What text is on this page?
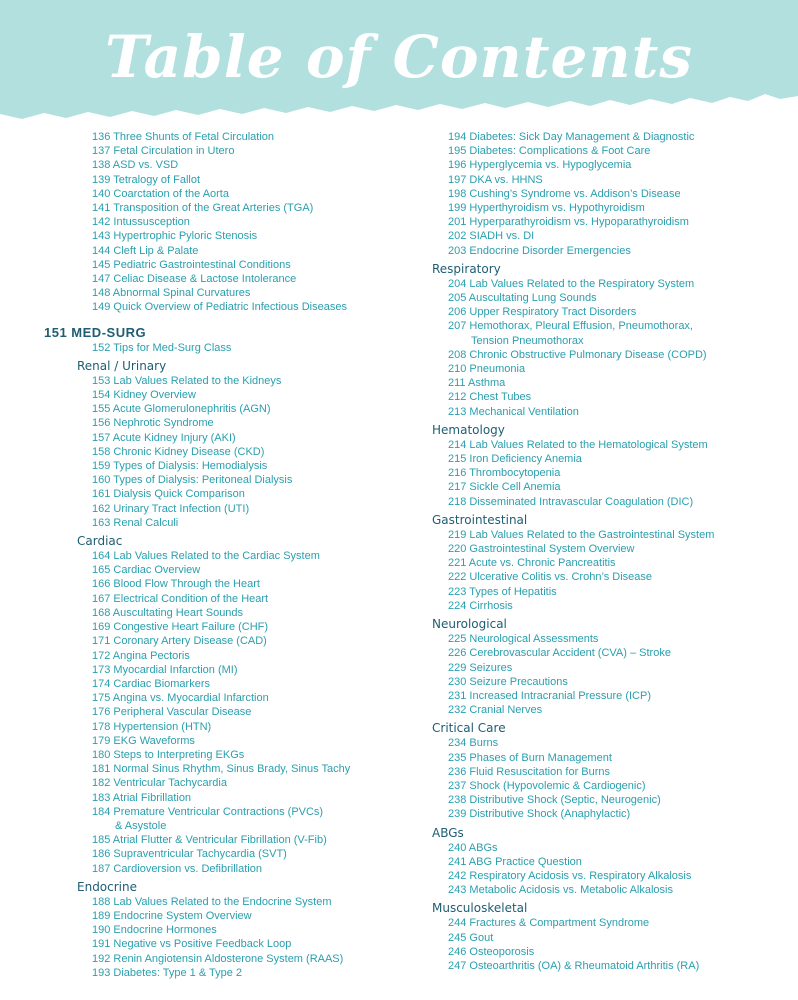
Table of Contents
136 Three Shunts of Fetal Circulation
137 Fetal Circulation in Utero
138 ASD vs. VSD
139 Tetralogy of Fallot
140 Coarctation of the Aorta
141 Transposition of the Great Arteries (TGA)
142 Intussusception
143 Hypertrophic Pyloric Stenosis
144 Cleft Lip & Palate
145 Pediatric Gastrointestinal Conditions
147 Celiac Disease & Lactose Intolerance
148 Abnormal Spinal Curvatures
149 Quick Overview of Pediatric Infectious Diseases
151 MED-SURG
152 Tips for Med-Surg Class
Renal / Urinary
153 Lab Values Related to the Kidneys
154 Kidney Overview
155 Acute Glomerulonephritis (AGN)
156 Nephrotic Syndrome
157 Acute Kidney Injury (AKI)
158 Chronic Kidney Disease (CKD)
159 Types of Dialysis: Hemodialysis
160 Types of Dialysis: Peritoneal Dialysis
161 Dialysis Quick Comparison
162 Urinary Tract Infection (UTI)
163 Renal Calculi
Cardiac
164 Lab Values Related to the Cardiac System
165 Cardiac Overview
166 Blood Flow Through the Heart
167 Electrical Condition of the Heart
168 Auscultating Heart Sounds
169 Congestive Heart Failure (CHF)
171 Coronary Artery Disease (CAD)
172 Angina Pectoris
173 Myocardial Infarction (MI)
174 Cardiac Biomarkers
175 Angina vs. Myocardial Infarction
176 Peripheral Vascular Disease
178 Hypertension (HTN)
179 EKG Waveforms
180 Steps to Interpreting EKGs
181 Normal Sinus Rhythm, Sinus Brady, Sinus Tachy
182 Ventricular Tachycardia
183 Atrial Fibrillation
184 Premature Ventricular Contractions (PVCs)
& Asystole
185 Atrial Flutter & Ventricular Fibrillation (V-Fib)
186 Supraventricular Tachycardia (SVT)
187 Cardioversion vs. Defibrillation
Endocrine
188 Lab Values Related to the Endocrine System
189 Endocrine System Overview
190 Endocrine Hormones
191 Negative vs Positive Feedback Loop
192 Renin Angiotensin Aldosterone System (RAAS)
193 Diabetes: Type 1 & Type 2
194 Diabetes: Sick Day Management & Diagnostic
195 Diabetes: Complications & Foot Care
196 Hyperglycemia vs. Hypoglycemia
197 DKA vs. HHNS
198 Cushing’s Syndrome vs. Addison’s Disease
199 Hyperthyroidism vs. Hypothyroidism
201 Hyperparathyroidism vs. Hypoparathyroidism
202 SIADH vs. DI
203 Endocrine Disorder Emergencies
Respiratory
204 Lab Values Related to the Respiratory System
205 Auscultating Lung Sounds
206 Upper Respiratory Tract Disorders
207 Hemothorax, Pleural Effusion, Pneumothorax,
Tension Pneumothorax
208 Chronic Obstructive Pulmonary Disease (COPD)
210 Pneumonia
211 Asthma
212 Chest Tubes
213 Mechanical Ventilation
Hematology
214 Lab Values Related to the Hematological System
215 Iron Deficiency Anemia
216 Thrombocytopenia
217 Sickle Cell Anemia
218 Disseminated Intravascular Coagulation (DIC)
Gastrointestinal
219 Lab Values Related to the Gastrointestinal System
220 Gastrointestinal System Overview
221 Acute vs. Chronic Pancreatitis
222 Ulcerative Colitis vs. Crohn’s Disease
223 Types of Hepatitis
224 Cirrhosis
Neurological
225 Neurological Assessments
226 Cerebrovascular Accident (CVA) – Stroke
229 Seizures
230 Seizure Precautions
231 Increased Intracranial Pressure (ICP)
232 Cranial Nerves
Critical Care
234 Burns
235 Phases of Burn Management
236 Fluid Resuscitation for Burns
237 Shock (Hypovolemic & Cardiogenic)
238 Distributive Shock (Septic, Neurogenic)
239 Distributive Shock (Anaphylactic)
ABGs
240 ABGs
241 ABG Practice Question
242 Respiratory Acidosis vs. Respiratory Alkalosis
243 Metabolic Acidosis vs. Metabolic Alkalosis
Musculoskeletal
244 Fractures & Compartment Syndrome
245 Gout
246 Osteoporosis
247 Osteoarthritis (OA) & Rheumatoid Arthritis (RA)
